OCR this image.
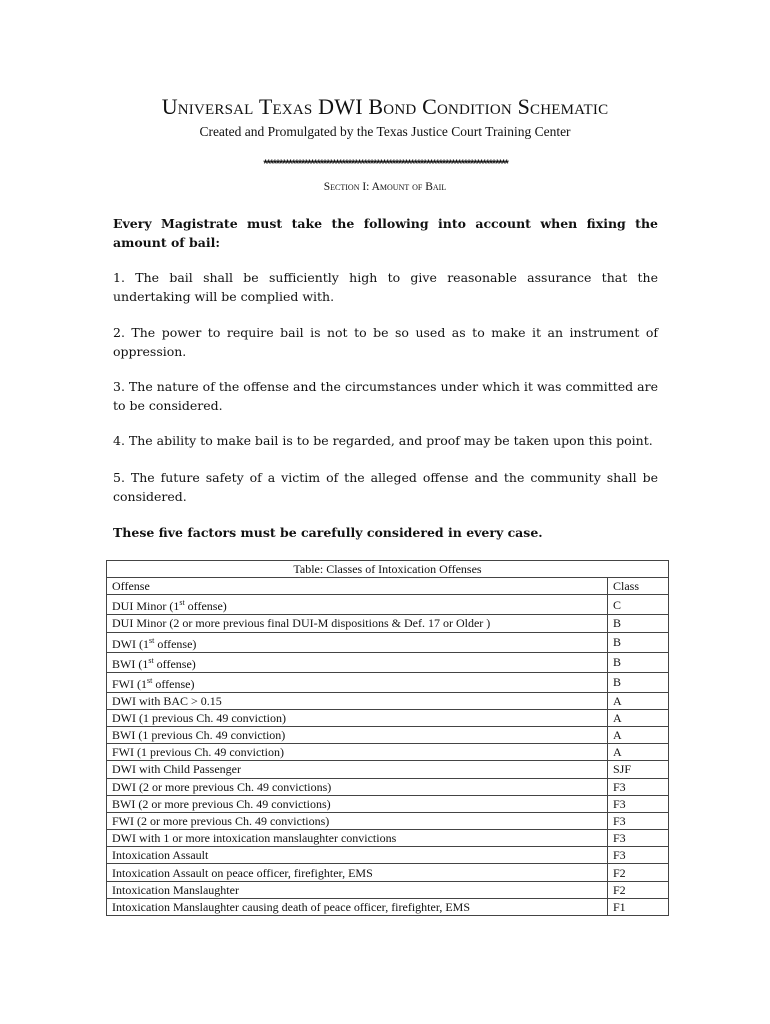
Universal Texas DWI Bond Condition Schematic
Created and Promulgated by the Texas Justice Court Training Center
******************************************************************************
Section I: Amount of Bail
Every Magistrate must take the following into account when fixing the amount of bail:
1. The bail shall be sufficiently high to give reasonable assurance that the undertaking will be complied with.
2. The power to require bail is not to be so used as to make it an instrument of oppression.
3. The nature of the offense and the circumstances under which it was committed are to be considered.
4. The ability to make bail is to be regarded, and proof may be taken upon this point.
5. The future safety of a victim of the alleged offense and the community shall be considered.
These five factors must be carefully considered in every case.
Table: Classes of Intoxication Offenses	
Offense	Class
DUI Minor (1st offense)	C
DUI Minor (2 or more previous final DUI-M dispositions & Def. 17 or Older )	B
DWI (1st offense)	B
BWI (1st offense)	B
FWI (1st offense)	B
DWI with BAC > 0.15	A
DWI (1 previous Ch. 49 conviction)	A
BWI (1 previous Ch. 49 conviction)	A
FWI (1 previous Ch. 49 conviction)	A
DWI with Child Passenger	SJF
DWI (2 or more previous Ch. 49 convictions)	F3
BWI (2 or more previous Ch. 49 convictions)	F3
FWI (2 or more previous Ch. 49 convictions)	F3
DWI with 1 or more intoxication manslaughter convictions	F3
Intoxication Assault	F3
Intoxication Assault on peace officer, firefighter, EMS	F2
Intoxication Manslaughter	F2
Intoxication Manslaughter causing death of peace officer, firefighter, EMS	F1
